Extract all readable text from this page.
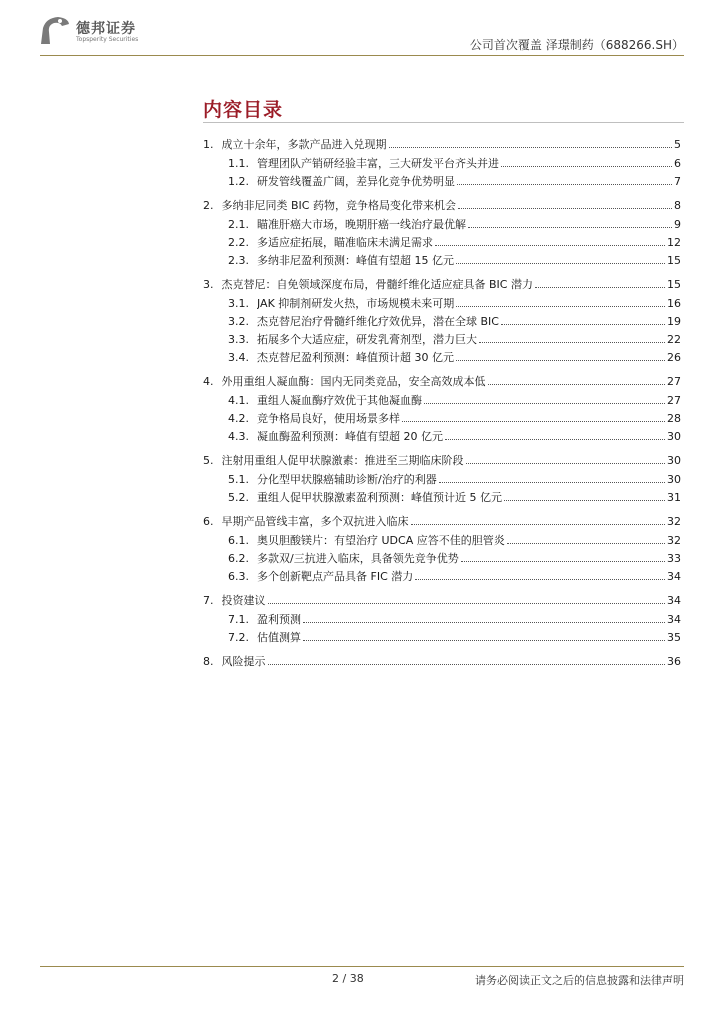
德邦证券
Topsperity Securities	公司首次覆盖 泽璟制药（688266.SH）
内容目录
1. 成立十余年，多款产品进入兑现期	5
1.1. 管理团队产销研经验丰富，三大研发平台齐头并进	6
1.2. 研发管线覆盖广阔，差异化竞争优势明显	7
2. 多纳非尼同类 BIC 药物，竞争格局变化带来机会	8
2.1. 瞄准肝癌大市场，晚期肝癌一线治疗最优解	9
2.2. 多适应症拓展，瞄准临床未满足需求	12
2.3. 多纳非尼盈利预测：峰值有望超 15 亿元	15
3. 杰克替尼：自免领域深度布局，骨髓纤维化适应症具备 BIC 潜力	15
3.1. JAK 抑制剂研发火热，市场规模未来可期	16
3.2. 杰克替尼治疗骨髓纤维化疗效优异，潜在全球 BIC	19
3.3. 拓展多个大适应症，研发乳膏剂型，潜力巨大	22
3.4. 杰克替尼盈利预测：峰值预计超 30 亿元	26
4. 外用重组人凝血酶：国内无同类竞品，安全高效成本低	27
4.1. 重组人凝血酶疗效优于其他凝血酶	27
4.2. 竞争格局良好，使用场景多样	28
4.3. 凝血酶盈利预测：峰值有望超 20 亿元	30
5. 注射用重组人促甲状腺激素：推进至三期临床阶段	30
5.1. 分化型甲状腺癌辅助诊断/治疗的利器	30
5.2. 重组人促甲状腺激素盈利预测：峰值预计近 5 亿元	31
6. 早期产品管线丰富，多个双抗进入临床	32
6.1. 奥贝胆酸镁片：有望治疗 UDCA 应答不佳的胆管炎	32
6.2. 多款双/三抗进入临床，具备领先竞争优势	33
6.3. 多个创新靶点产品具备 FIC 潜力	34
7. 投资建议	34
7.1. 盈利预测	34
7.2. 估值测算	35
8. 风险提示	36
2 / 38	请务必阅读正文之后的信息披露和法律声明
